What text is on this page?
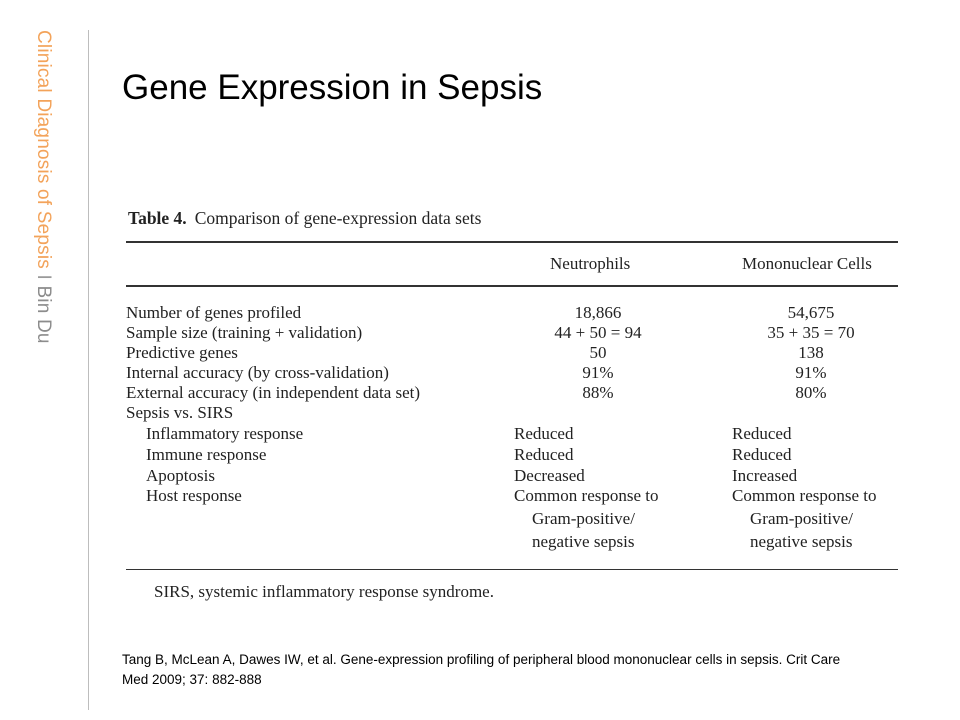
Clinical Diagnosis of Sepsis I Bin Du
Gene Expression in Sepsis
Table 4. Comparison of gene-expression data sets
Neutrophils	Mononuclear Cells
Number of genes profiled	18,866	54,675
Sample size (training + validation)	44 + 50 = 94	35 + 35 = 70
Predictive genes	50	138
Internal accuracy (by cross-validation)	91%	91%
External accuracy (in independent data set)	88%	80%
Sepsis vs. SIRS
Inflammatory response	Reduced	Reduced
Immune response	Reduced	Reduced
Apoptosis	Decreased	Increased
Host response	Common response to	Common response to
Gram-positive/	Gram-positive/
negative sepsis	negative sepsis
SIRS, systemic inflammatory response syndrome.
Tang B, McLean A, Dawes IW, et al. Gene-expression profiling of peripheral blood mononuclear cells in sepsis. Crit Care
Med 2009; 37: 882-888
